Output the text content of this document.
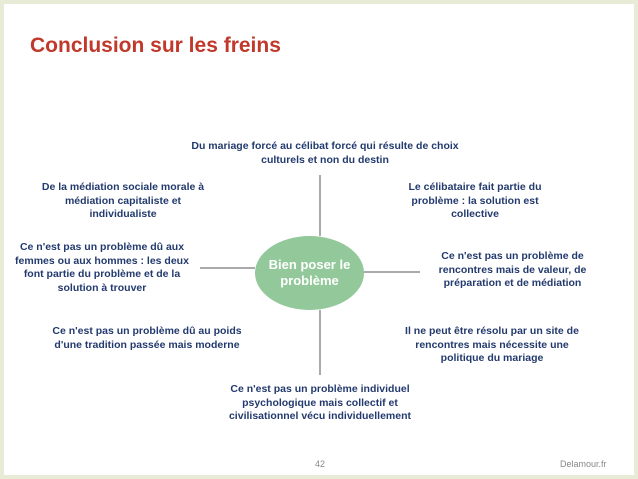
Conclusion sur les freins
Bien poser le problème
Du mariage forcé au célibat forcé qui résulte de choix culturels et non du destin
De la médiation sociale morale à médiation capitaliste et individualiste
Le célibataire fait partie du problème : la solution est collective
Ce n'est pas un problème dû aux femmes ou aux hommes : les deux font partie du problème et de la solution à trouver
Ce n'est pas un problème de rencontres mais de valeur, de préparation et de médiation
Ce n'est pas un problème dû au poids d'une tradition passée mais moderne
Il ne peut être résolu par un site de rencontres mais nécessite une politique du mariage
Ce n'est pas un problème individuel psychologique mais collectif et civilisationnel vécu individuellement
42	Delamour.fr
